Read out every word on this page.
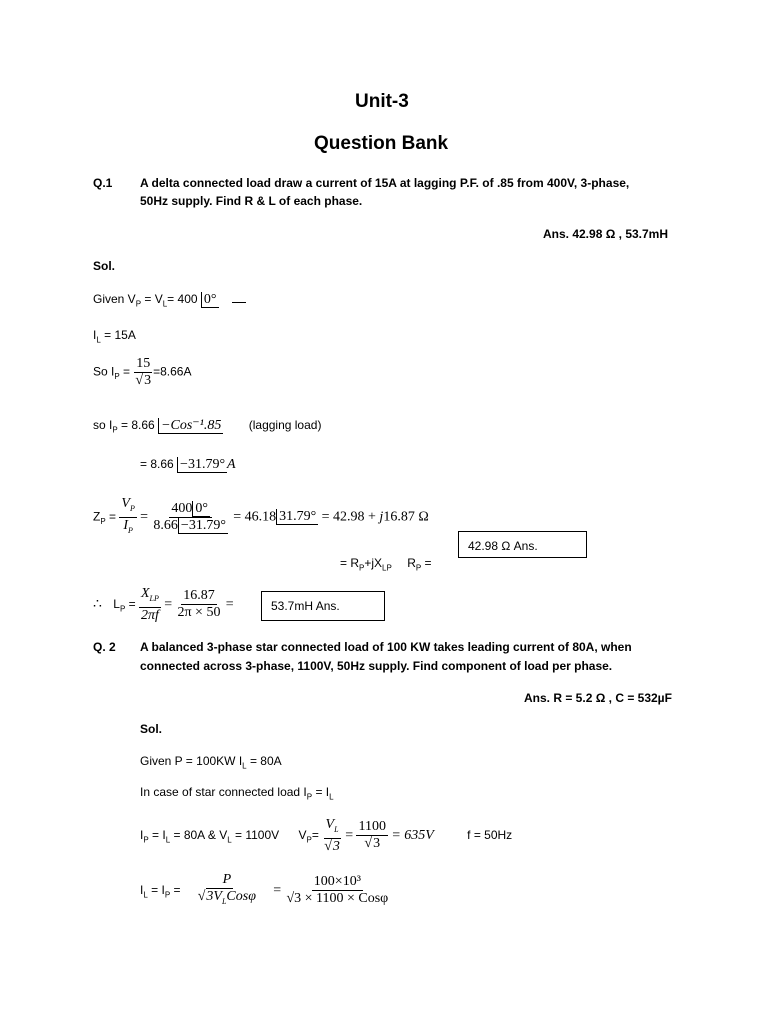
Unit-3
Question Bank
Q.1 A delta connected load draw a current of 15A at lagging P.F. of .85 from 400V, 3-phase,
50Hz supply. Find R & L of each phase.
Ans. 42.98 Ω , 53.7mH
Sol.
Given $V_P = V_L= 400$ 0°
$I_L = 15A$
So $I_P = \frac{15}{√3} =8.66A$
so $I_P = 8.66 -Cos^{-1}.85$ (lagging load)
= 8.66 −31.79° A
$Z_P = \frac{V_P}{I_P} = \frac{400 0^\circ}{8.66 -31.79^\circ} = 46.18$ 31.79° = 42.98 + j16.87 Ω
42.98 Ω Ans.
= $R_P+jX_{LP}$ $R_P$ =
∴ $L_P = \frac{X_{LP}}{2\pi f} = \frac{16.87}{2\pi \times 50}$ =	53.7mH Ans.
Q. 2 A balanced 3-phase star connected load of 100 KW takes leading current of 80A, when
connected across 3-phase, 1100V, 50Hz supply. Find component of load per phase.
Ans. R = 5.2 Ω , C = 532µF
Sol.
Given P = 100KW $I_L = 80A$
In case of star connected load $I_P = I_L$
$I_P = I_L = 80A$ & $V_L = 1100V$ $V_P= \frac{V_L}{√3} = \frac{1100}{√3} = 635V$	f = 50Hz
$I_L = I_P = \frac{P}{√3V_LCos\varphi} = \frac{\text{100×10³}}{\text{√3 × 1100 × Cosφ}}$
